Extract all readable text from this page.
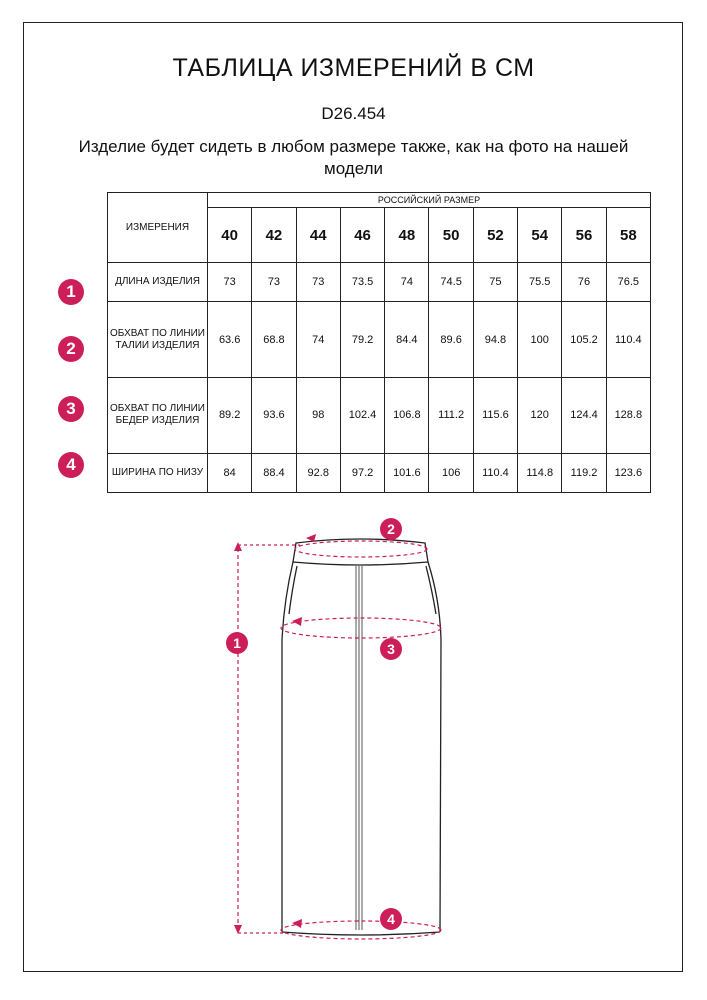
ТАБЛИЦА ИЗМЕРЕНИЙ В СМ
D26.454
Изделие будет сидеть в любом размере также, как на фото на нашей модели
ИЗМЕРЕНИЯ	РОССИЙСКИЙ РАЗМЕР									
	40	42	44	46	48	50	52	54	56	58
ДЛИНА ИЗДЕЛИЯ	73	73	73	73.5	74	74.5	75	75.5	76	76.5
ОБХВАТ ПО ЛИНИИ ТАЛИИ ИЗДЕЛИЯ	63.6	68.8	74	79.2	84.4	89.6	94.8	100	105.2	110.4
ОБХВАТ ПО ЛИНИИ БЕДЕР ИЗДЕЛИЯ	89.2	93.6	98	102.4	106.8	111.2	115.6	120	124.4	128.8
ШИРИНА ПО НИЗУ	84	88.4	92.8	97.2	101.6	106	110.4	114.8	119.2	123.6
1
2
3
4
1
2
3
4
